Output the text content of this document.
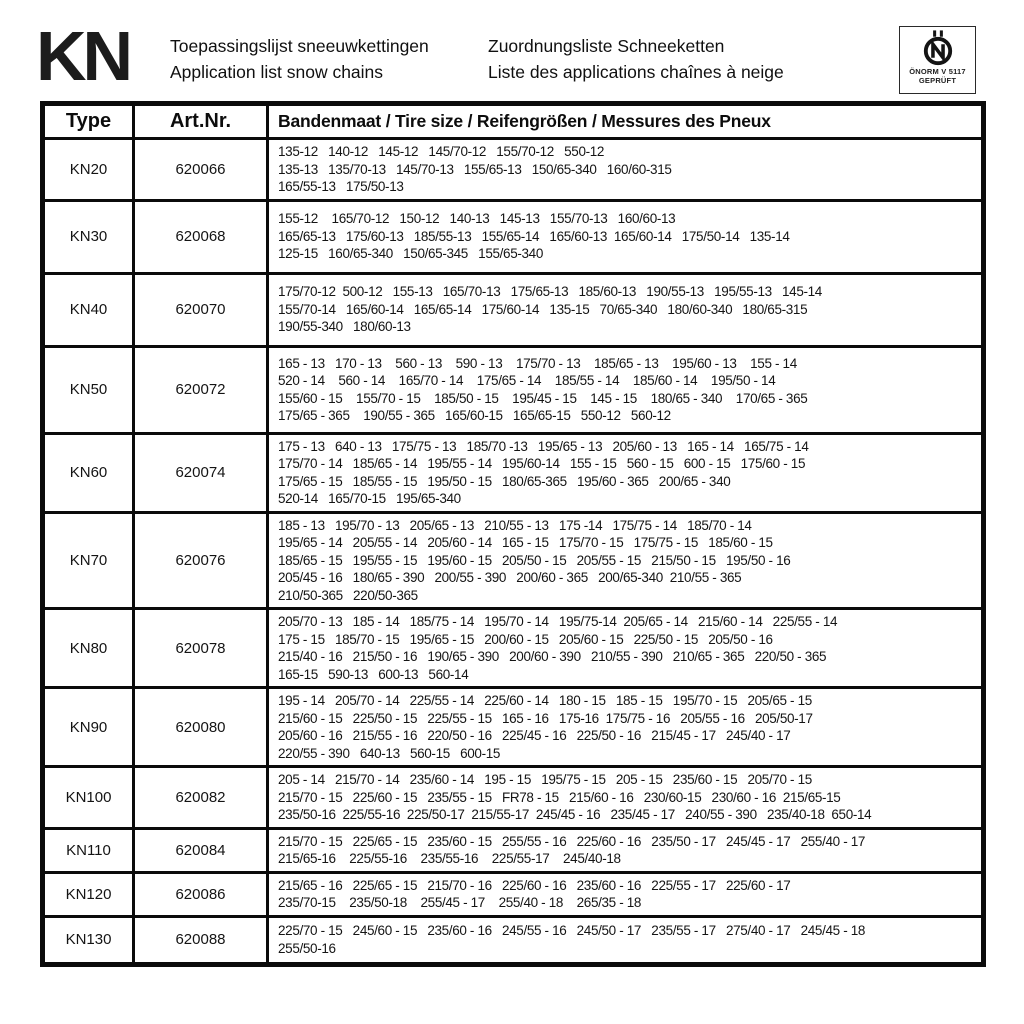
KN Toepassingslijst sneeuwkettingen
Application list snow chains
Zuordnungsliste Schneeketten
Liste des applications chaînes à neige	ÖNORM V 5117
GEPRÜFT
Type	Art.Nr.	Bandenmaat / Tire size / Reifengrößen / Messures des Pneux
KN20	620066	135-12   140-12   145-12   145/70-12   155/70-12   550-12
135-13   135/70-13   145/70-13   155/65-13   150/65-340   160/60-315
165/55-13   175/50-13

KN30	620068	155-12    165/70-12   150-12   140-13   145-13   155/70-13   160/60-13
165/65-13   175/60-13   185/55-13   155/65-14   165/60-13  165/60-14   175/50-14   135-14
125-15   160/65-340   150/65-345   155/65-340

KN40	620070	175/70-12  500-12   155-13   165/70-13   175/65-13   185/60-13   190/55-13   195/55-13   145-14
155/70-14   165/60-14   165/65-14   175/60-14   135-15   70/65-340   180/60-340   180/65-315
190/55-340   180/60-13

KN50	620072	165 - 13   170 - 13    560 - 13    590 - 13    175/70 - 13    185/65 - 13    195/60 - 13    155 - 14
520 - 14    560 - 14    165/70 - 14    175/65 - 14    185/55 - 14    185/60 - 14    195/50 - 14
155/60 - 15    155/70 - 15    185/50 - 15    195/45 - 15    145 - 15    180/65 - 340    170/65 - 365
175/65 - 365    190/55 - 365   165/60-15   165/65-15   550-12   560-12

KN60	620074	175 - 13   640 - 13   175/75 - 13   185/70 -13   195/65 - 13   205/60 - 13   165 - 14   165/75 - 14
175/70 - 14   185/65 - 14   195/55 - 14   195/60-14   155 - 15   560 - 15   600 - 15   175/60 - 15
175/65 - 15   185/55 - 15   195/50 - 15   180/65-365   195/60 - 365   200/65 - 340
520-14   165/70-15   195/65-340

KN70	620076	185 - 13   195/70 - 13   205/65 - 13   210/55 - 13   175 -14   175/75 - 14   185/70 - 14
195/65 - 14   205/55 - 14   205/60 - 14   165 - 15   175/70 - 15   175/75 - 15   185/60 - 15
185/65 - 15   195/55 - 15   195/60 - 15   205/50 - 15   205/55 - 15   215/50 - 15   195/50 - 16
205/45 - 16   180/65 - 390   200/55 - 390   200/60 - 365   200/65-340  210/55 - 365
210/50-365   220/50-365

KN80	620078	205/70 - 13   185 - 14   185/75 - 14   195/70 - 14   195/75-14  205/65 - 14   215/60 - 14   225/55 - 14
175 - 15   185/70 - 15   195/65 - 15   200/60 - 15   205/60 - 15   225/50 - 15   205/50 - 16
215/40 - 16   215/50 - 16   190/65 - 390   200/60 - 390   210/55 - 390   210/65 - 365   220/50 - 365
165-15   590-13   600-13   560-14

KN90	620080	195 - 14   205/70 - 14   225/55 - 14   225/60 - 14   180 - 15   185 - 15   195/70 - 15   205/65 - 15
215/60 - 15   225/50 - 15   225/55 - 15   165 - 16   175-16  175/75 - 16   205/55 - 16   205/50-17
205/60 - 16   215/55 - 16   220/50 - 16   225/45 - 16   225/50 - 16   215/45 - 17   245/40 - 17
220/55 - 390   640-13   560-15   600-15

KN100	620082	205 - 14   215/70 - 14   235/60 - 14   195 - 15   195/75 - 15   205 - 15   235/60 - 15   205/70 - 15
215/70 - 15   225/60 - 15   235/55 - 15   FR78 - 15   215/60 - 16   230/60-15   230/60 - 16  215/65-15
235/50-16  225/55-16  225/50-17  215/55-17  245/45 - 16   235/45 - 17   240/55 - 390   235/40-18  650-14

KN110	620084	215/70 - 15   225/65 - 15   235/60 - 15   255/55 - 16   225/60 - 16   235/50 - 17   245/45 - 17   255/40 - 17
215/65-16    225/55-16    235/55-16    225/55-17    245/40-18

KN120	620086	215/65 - 16   225/65 - 15   215/70 - 16   225/60 - 16   235/60 - 16   225/55 - 17   225/60 - 17
235/70-15    235/50-18    255/45 - 17    255/40 - 18    265/35 - 18

KN130	620088	225/70 - 15   245/60 - 15   235/60 - 16   245/55 - 16   245/50 - 17   235/55 - 17   275/40 - 17   245/45 - 18
255/50-16
